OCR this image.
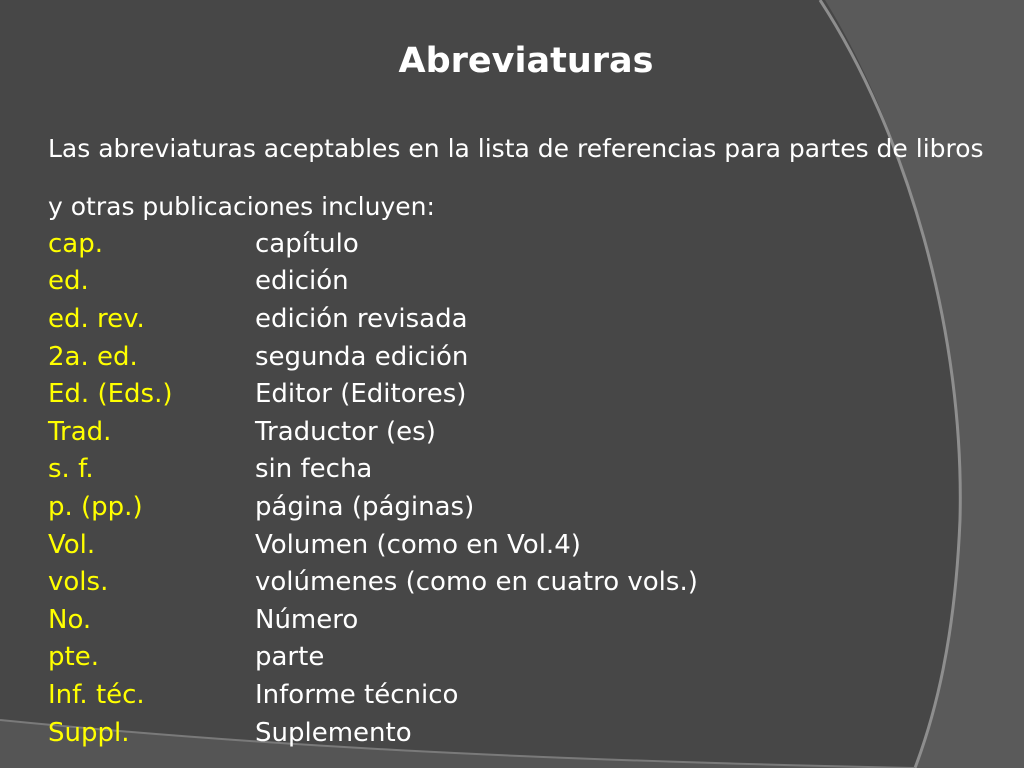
Abreviaturas

Las abreviaturas aceptables en la lista de referencias para partes de libros y otras publicaciones incluyen:

cap.	capítulo
ed.	edición
ed. rev.	edición revisada
2a. ed.	segunda edición
Ed. (Eds.)	Editor (Editores)
Trad.	Traductor (es)
s. f.	sin fecha
p. (pp.)	página (páginas)
Vol.	Volumen (como en Vol.4)
vols.	volúmenes (como en cuatro vols.)
No.	Número
pte.	parte
Inf. téc.	Informe técnico
Suppl.	Suplemento
